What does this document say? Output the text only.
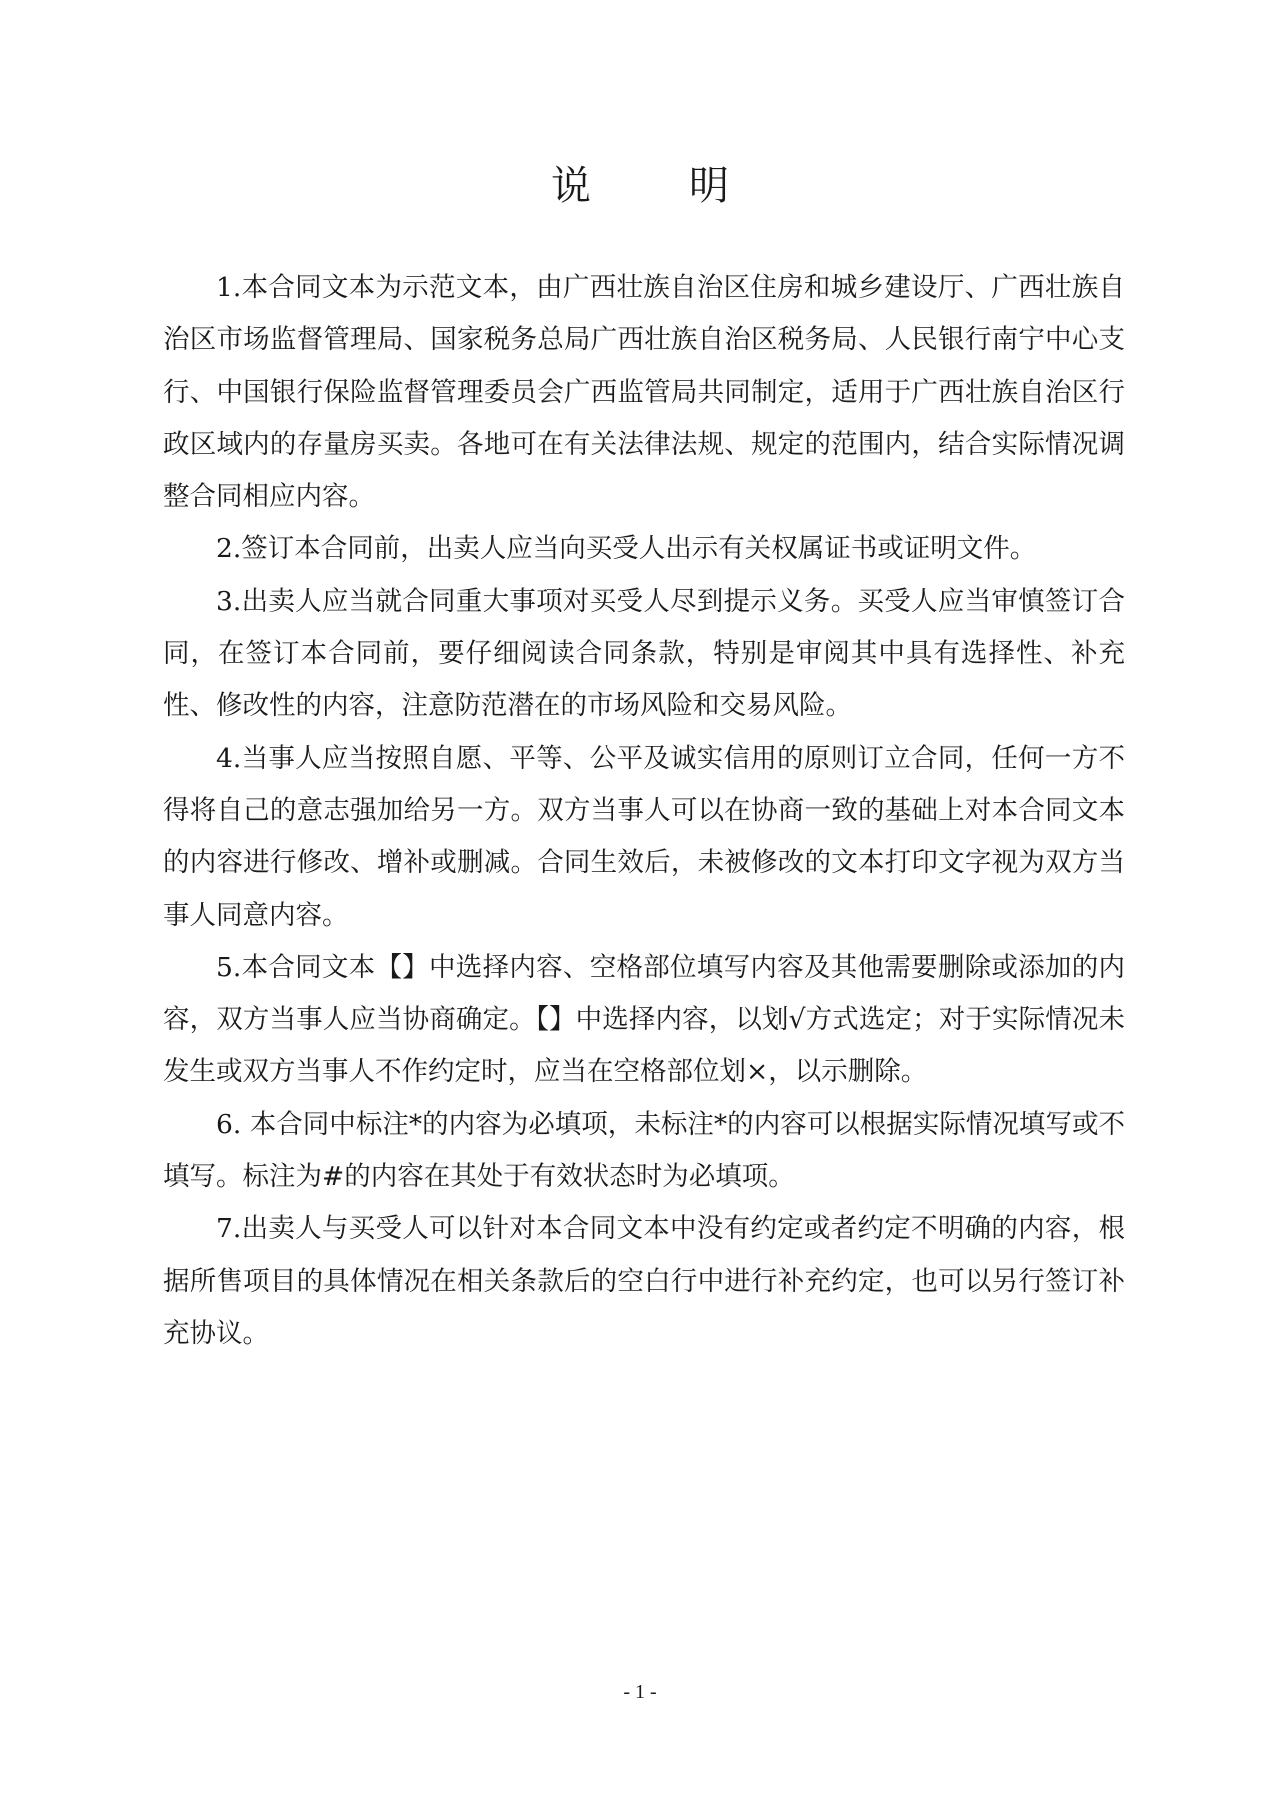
说 明

1.本合同文本为示范文本，由广西壮族自治区住房和城乡建设厅、广西壮族自治区市场监督管理局、国家税务总局广西壮族自治区税务局、人民银行南宁中心支行、中国银行保险监督管理委员会广西监管局共同制定，适用于广西壮族自治区行政区域内的存量房买卖。各地可在有关法律法规、规定的范围内，结合实际情况调整合同相应内容。

2.签订本合同前，出卖人应当向买受人出示有关权属证书或证明文件。

3.出卖人应当就合同重大事项对买受人尽到提示义务。买受人应当审慎签订合同，在签订本合同前，要仔细阅读合同条款，特别是审阅其中具有选择性、补充性、修改性的内容，注意防范潜在的市场风险和交易风险。

4.当事人应当按照自愿、平等、公平及诚实信用的原则订立合同，任何一方不得将自己的意志强加给另一方。双方当事人可以在协商一致的基础上对本合同文本的内容进行修改、增补或删减。合同生效后，未被修改的文本打印文字视为双方当事人同意内容。

5.本合同文本【】中选择内容、空格部位填写内容及其他需要删除或添加的内容，双方当事人应当协商确定。【】中选择内容，以划√方式选定；对于实际情况未发生或双方当事人不作约定时，应当在空格部位划×，以示删除。

6. 本合同中标注*的内容为必填项，未标注*的内容可以根据实际情况填写或不填写。标注为#的内容在其处于有效状态时为必填项。

7.出卖人与买受人可以针对本合同文本中没有约定或者约定不明确的内容，根据所售项目的具体情况在相关条款后的空白行中进行补充约定，也可以另行签订补充协议。

- 1 -
